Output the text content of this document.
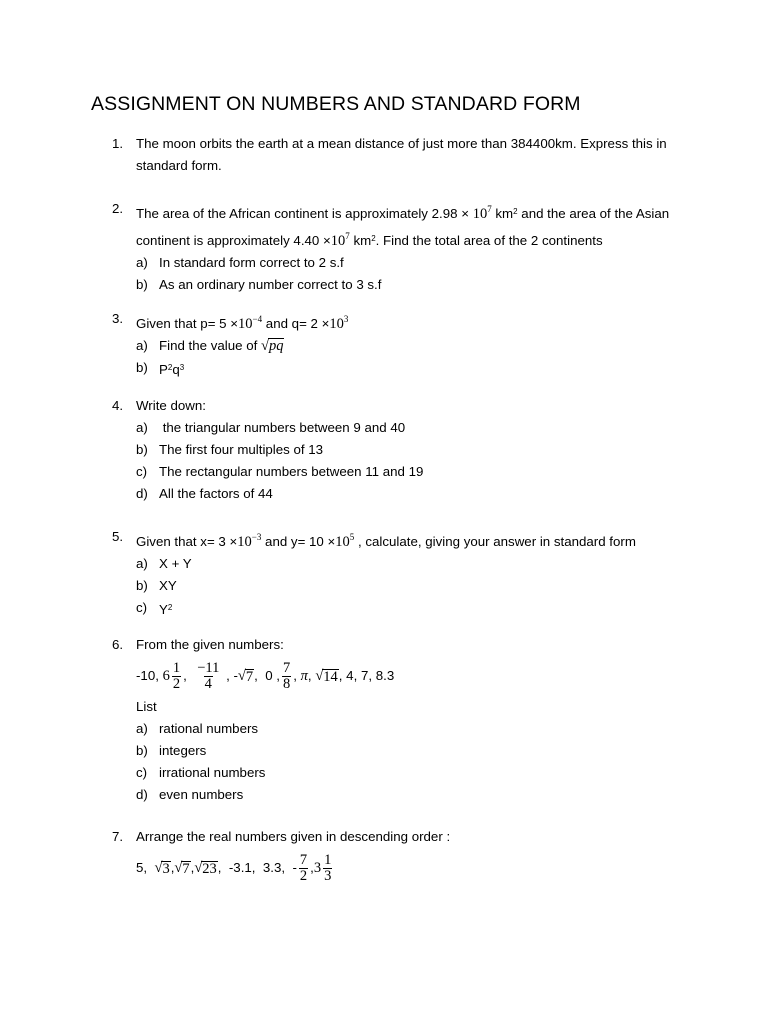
ASSIGNMENT ON NUMBERS AND STANDARD FORM
1. The moon orbits the earth at a mean distance of just more than 384400km. Express this in standard form.
2. The area of the African continent is approximately $2.98 \times 10^7$ $km^2$ and the area of the Asian continent is approximately $4.40 \times 10^7$ $km^2$. Find the total area of the 2 continents
a) In standard form correct to 2 s.f
b) As an ordinary number correct to 3 s.f
3. Given that $p= 5 \times 10^{-4}$ and $q= 2 \times 10^3$
a) Find the value of √pq
b) $P^2q^3$
4. Write down:
a) the triangular numbers between 9 and 40
b) The first four multiples of 13
c) The rectangular numbers between 11 and 19
d) All the factors of 44
5. Given that $x= 3 \times 10^{-3}$ and $y= 10 \times 10^5$ , calculate, giving your answer in standard form
a) X + Y
b) XY
c) $Y^2$
6. From the given numbers:
-10,
$6 \frac{1}{2}$ ,
$\frac{-11}{4}$
, - √ 7 ,  0 , $\frac{7}{8}$ ,
π ,
√ 14 , 4, 7, 8.3
List
a) rational numbers
b) integers
c) irrational numbers
d) even numbers
7. Arrange the real numbers given in descending order :
5,
√ 3 , √ 7 , √ 23 ,  -3.1,  3.3,  - $\frac{7}{2}$ , $3 \frac{1}{3}$
